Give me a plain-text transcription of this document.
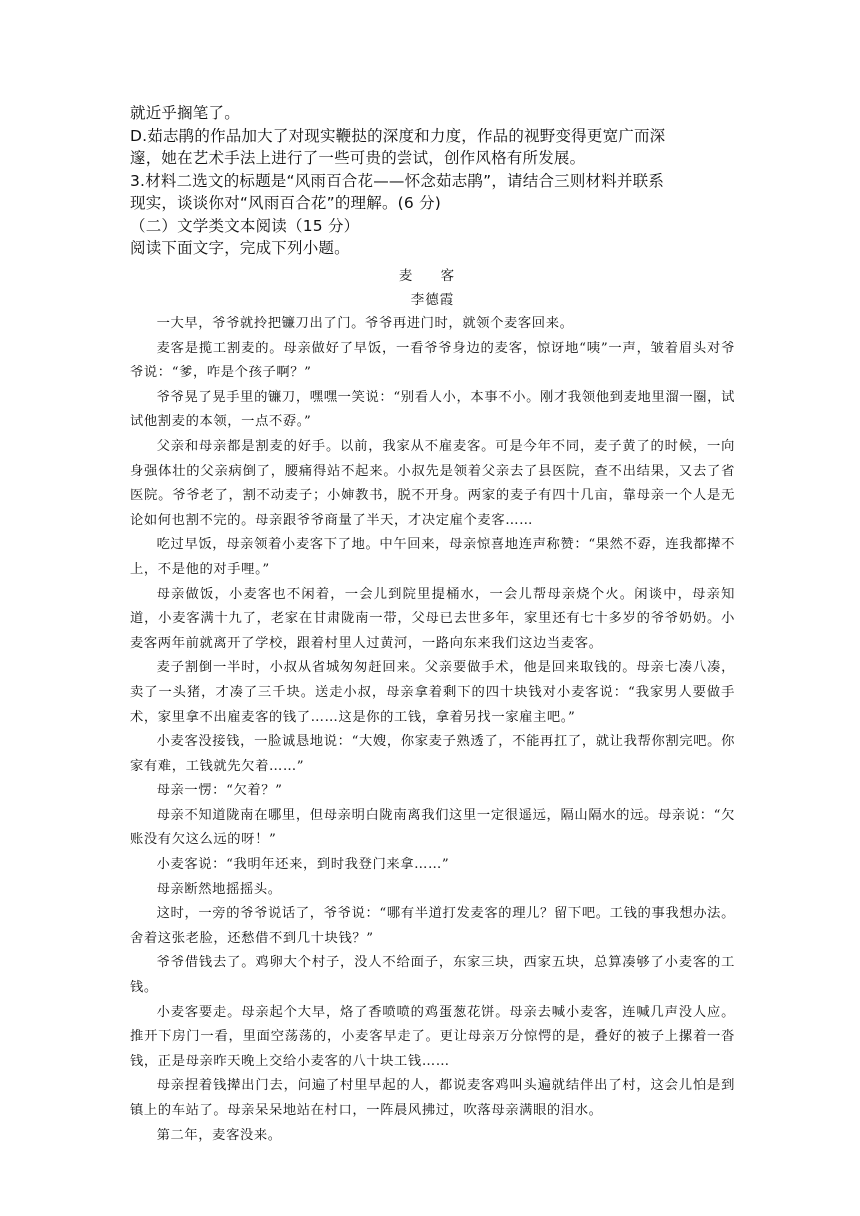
就近乎搁笔了。

D.茹志鹃的作品加大了对现实鞭挞的深度和力度，作品的视野变得更宽广而深

邃，她在艺术手法上进行了一些可贵的尝试，创作风格有所发展。

3.材料二选文的标题是“风雨百合花——怀念茹志鹃”，请结合三则材料并联系

现实，谈谈你对“风雨百合花”的理解。(6 分)

（二）文学类文本阅读（15 分）

阅读下面文字，完成下列小题。

麦 客

李德霞

一大早，爷爷就拎把镰刀出了门。爷爷再进门时，就领个麦客回来。

麦客是揽工割麦的。母亲做好了早饭，一看爷爷身边的麦客，惊讶地“咦”一声，皱着眉头对爷爷说：“爹，咋是个孩子啊？”

爷爷晃了晃手里的镰刀，嘿嘿一笑说：“别看人小，本事不小。刚才我领他到麦地里溜一圈，试试他割麦的本领，一点不孬。”

父亲和母亲都是割麦的好手。以前，我家从不雇麦客。可是今年不同，麦子黄了的时候，一向身强体壮的父亲病倒了，腰痛得站不起来。小叔先是领着父亲去了县医院，查不出结果，又去了省医院。爷爷老了，割不动麦子；小婶教书，脱不开身。两家的麦子有四十几亩，靠母亲一个人是无论如何也割不完的。母亲跟爷爷商量了半天，才决定雇个麦客……

吃过早饭，母亲领着小麦客下了地。中午回来，母亲惊喜地连声称赞：“果然不孬，连我都撵不上，不是他的对手哩。”

母亲做饭，小麦客也不闲着，一会儿到院里提桶水，一会儿帮母亲烧个火。闲谈中，母亲知道，小麦客满十九了，老家在甘肃陇南一带，父母已去世多年，家里还有七十多岁的爷爷奶奶。小麦客两年前就离开了学校，跟着村里人过黄河，一路向东来我们这边当麦客。

麦子割倒一半时，小叔从省城匆匆赶回来。父亲要做手术，他是回来取钱的。母亲七凑八凑，卖了一头猪，才凑了三千块。送走小叔，母亲拿着剩下的四十块钱对小麦客说：“我家男人要做手术，家里拿不出雇麦客的钱了……这是你的工钱，拿着另找一家雇主吧。”

小麦客没接钱，一脸诚恳地说：“大嫂，你家麦子熟透了，不能再扛了，就让我帮你割完吧。你家有难，工钱就先欠着……”

母亲一愣：“欠着？”

母亲不知道陇南在哪里，但母亲明白陇南离我们这里一定很遥远，隔山隔水的远。母亲说：“欠账没有欠这么远的呀！”

小麦客说：“我明年还来，到时我登门来拿……”

母亲断然地摇摇头。

这时，一旁的爷爷说话了，爷爷说：“哪有半道打发麦客的理儿？留下吧。工钱的事我想办法。舍着这张老脸，还愁借不到几十块钱？”

爷爷借钱去了。鸡卵大个村子，没人不给面子，东家三块，西家五块，总算凑够了小麦客的工钱。

小麦客要走。母亲起个大早，烙了香喷喷的鸡蛋葱花饼。母亲去喊小麦客，连喊几声没人应。推开下房门一看，里面空荡荡的，小麦客早走了。更让母亲万分惊愕的是，叠好的被子上摞着一沓钱，正是母亲昨天晚上交给小麦客的八十块工钱……

母亲捏着钱撵出门去，问遍了村里早起的人，都说麦客鸡叫头遍就结伴出了村，这会儿怕是到镇上的车站了。母亲呆呆地站在村口，一阵晨风拂过，吹落母亲满眼的泪水。

第二年，麦客没来。
